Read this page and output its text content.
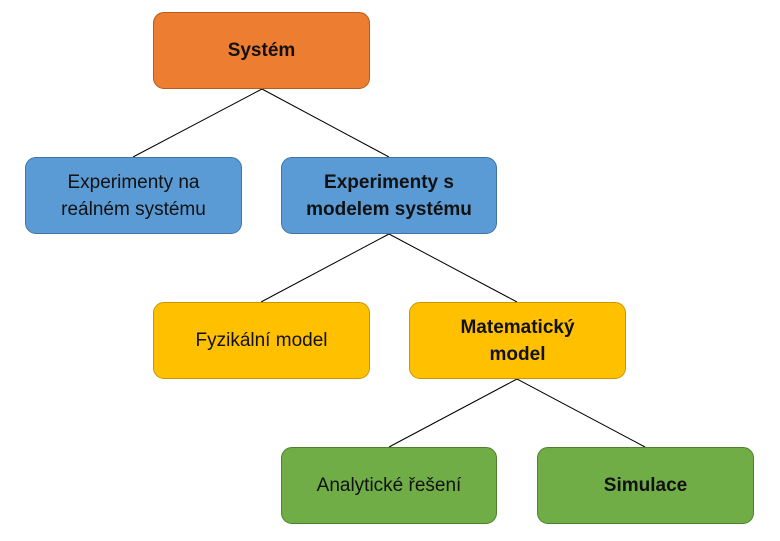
Systém
Experimenty na reálném systému
Experimenty s modelem systému
Fyzikální model
Matematický model
Analytické řešení	Simulace
